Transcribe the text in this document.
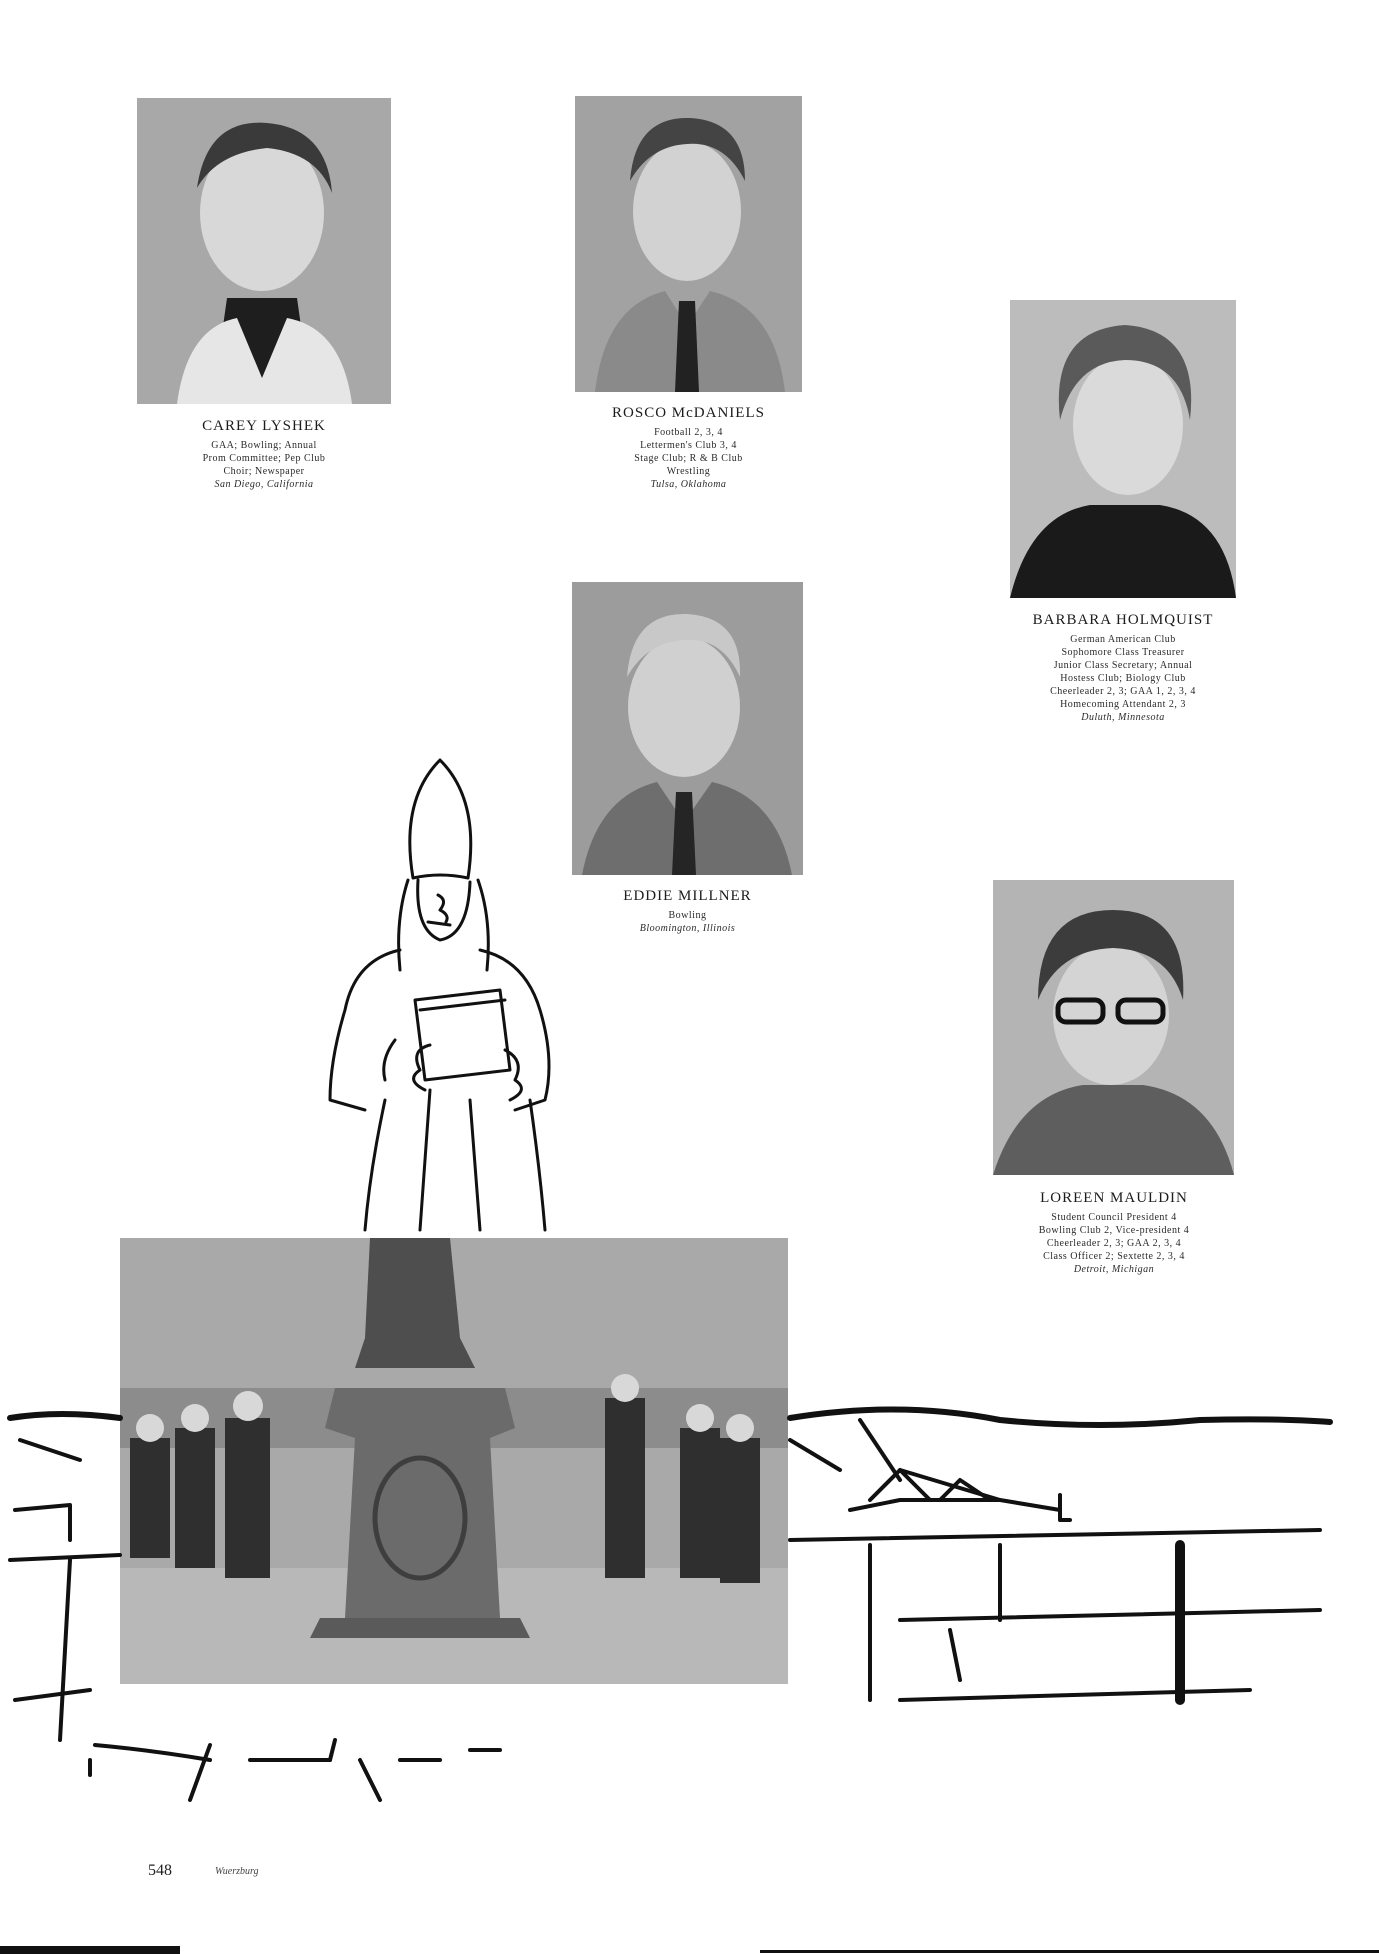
CAREY LYSHEK
GAA; Bowling; Annual
Prom Committee; Pep Club
Choir; Newspaper
San Diego, California
ROSCO McDANIELS
Football 2, 3, 4
Lettermen's Club 3, 4
Stage Club; R & B Club
Wrestling
Tulsa, Oklahoma
BARBARA HOLMQUIST
German American Club
Sophomore Class Treasurer
Junior Class Secretary; Annual
Hostess Club; Biology Club
Cheerleader 2, 3; GAA 1, 2, 3, 4
Homecoming Attendant 2, 3
Duluth, Minnesota
EDDIE MILLNER
Bowling
Bloomington, Illinois
LOREEN MAULDIN
Student Council President 4
Bowling Club 2, Vice-president 4
Cheerleader 2, 3; GAA 2, 3, 4
Class Officer 2; Sextette 2, 3, 4
Detroit, Michigan
548	Wuerzburg
